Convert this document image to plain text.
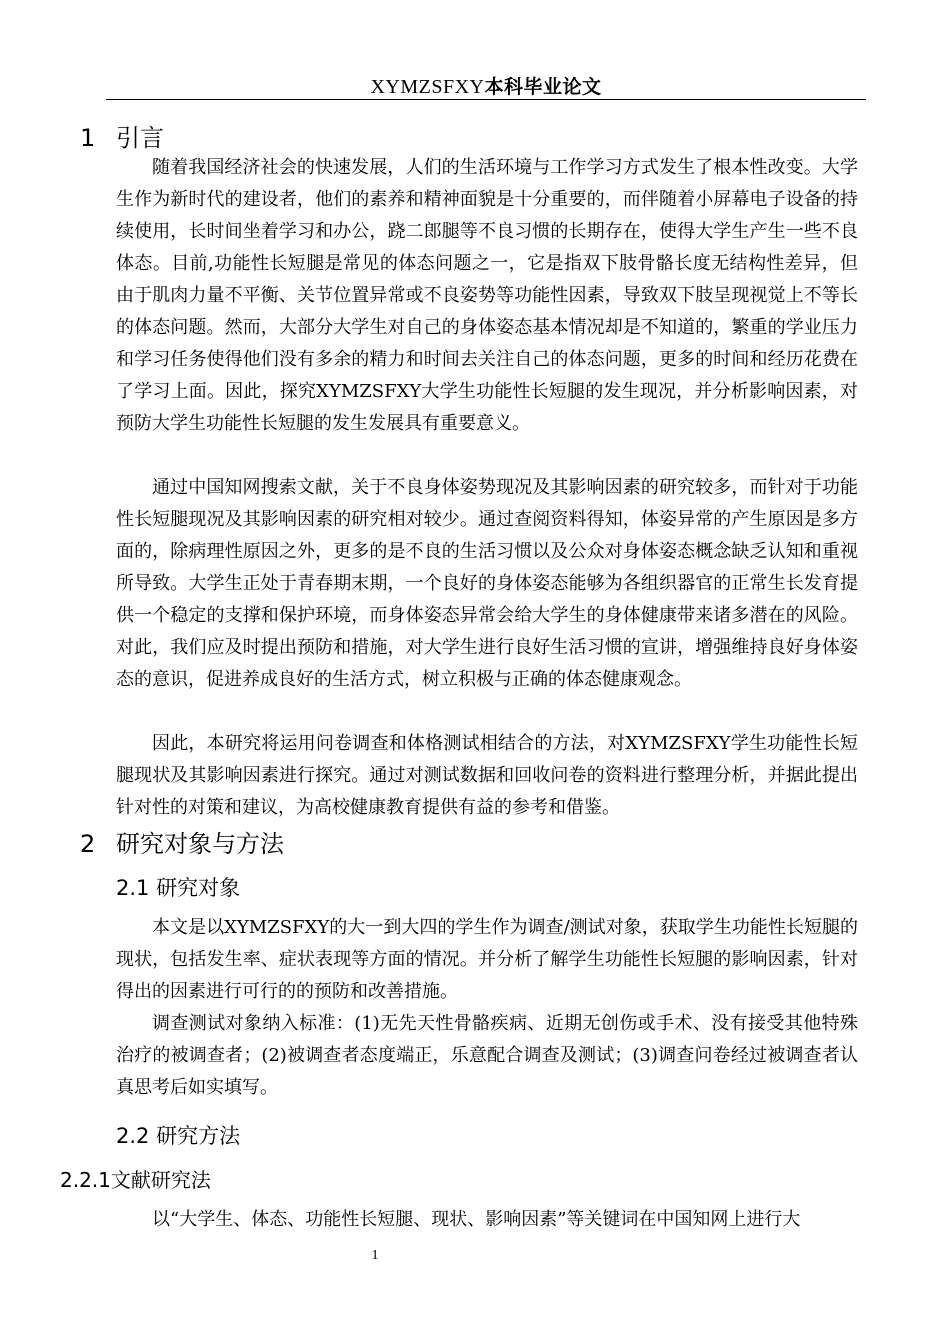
XYMZSFXY本科毕业论文
1 引言

随着我国经济社会的快速发展，人们的生活环境与工作学习方式发生了根本性改变。大学生作为新时代的建设者，他们的素养和精神面貌是十分重要的，而伴随着小屏幕电子设备的持续使用，长时间坐着学习和办公，跷二郎腿等不良习惯的长期存在，使得大学生产生一些不良体态。目前,功能性长短腿是常见的体态问题之一，它是指双下肢骨骼长度无结构性差异，但由于肌肉力量不平衡、关节位置异常或不良姿势等功能性因素，导致双下肢呈现视觉上不等长的体态问题。然而，大部分大学生对自己的身体姿态基本情况却是不知道的，繁重的学业压力和学习任务使得他们没有多余的精力和时间去关注自己的体态问题，更多的时间和经历花费在了学习上面。因此，探究XYMZSFXY大学生功能性长短腿的发生现况，并分析影响因素，对预防大学生功能性长短腿的发生发展具有重要意义。

通过中国知网搜索文献，关于不良身体姿势现况及其影响因素的研究较多，而针对于功能性长短腿现况及其影响因素的研究相对较少。通过查阅资料得知，体姿异常的产生原因是多方面的，除病理性原因之外，更多的是不良的生活习惯以及公众对身体姿态概念缺乏认知和重视所导致。大学生正处于青春期末期，一个良好的身体姿态能够为各组织器官的正常生长发育提供一个稳定的支撑和保护环境，而身体姿态异常会给大学生的身体健康带来诸多潜在的风险。对此，我们应及时提出预防和措施，对大学生进行良好生活习惯的宣讲，增强维持良好身体姿态的意识，促进养成良好的生活方式，树立积极与正确的体态健康观念。

因此，本研究将运用问卷调查和体格测试相结合的方法，对XYMZSFXY学生功能性长短腿现状及其影响因素进行探究。通过对测试数据和回收问卷的资料进行整理分析，并据此提出针对性的对策和建议，为高校健康教育提供有益的参考和借鉴。

2 研究对象与方法
2.1 研究对象

本文是以XYMZSFXY的大一到大四的学生作为调查/测试对象，获取学生功能性长短腿的现状，包括发生率、症状表现等方面的情况。并分析了解学生功能性长短腿的影响因素，针对得出的因素进行可行的的预防和改善措施。

调查测试对象纳入标准：(1)无先天性骨骼疾病、近期无创伤或手术、没有接受其他特殊治疗的被调查者；(2)被调查者态度端正，乐意配合调查及测试；(3)调查问卷经过被调查者认真思考后如实填写。

2.2 研究方法
2.2.1文献研究法

以“大学生、体态、功能性长短腿、现状、影响因素”等关键词在中国知网上进行大

1
